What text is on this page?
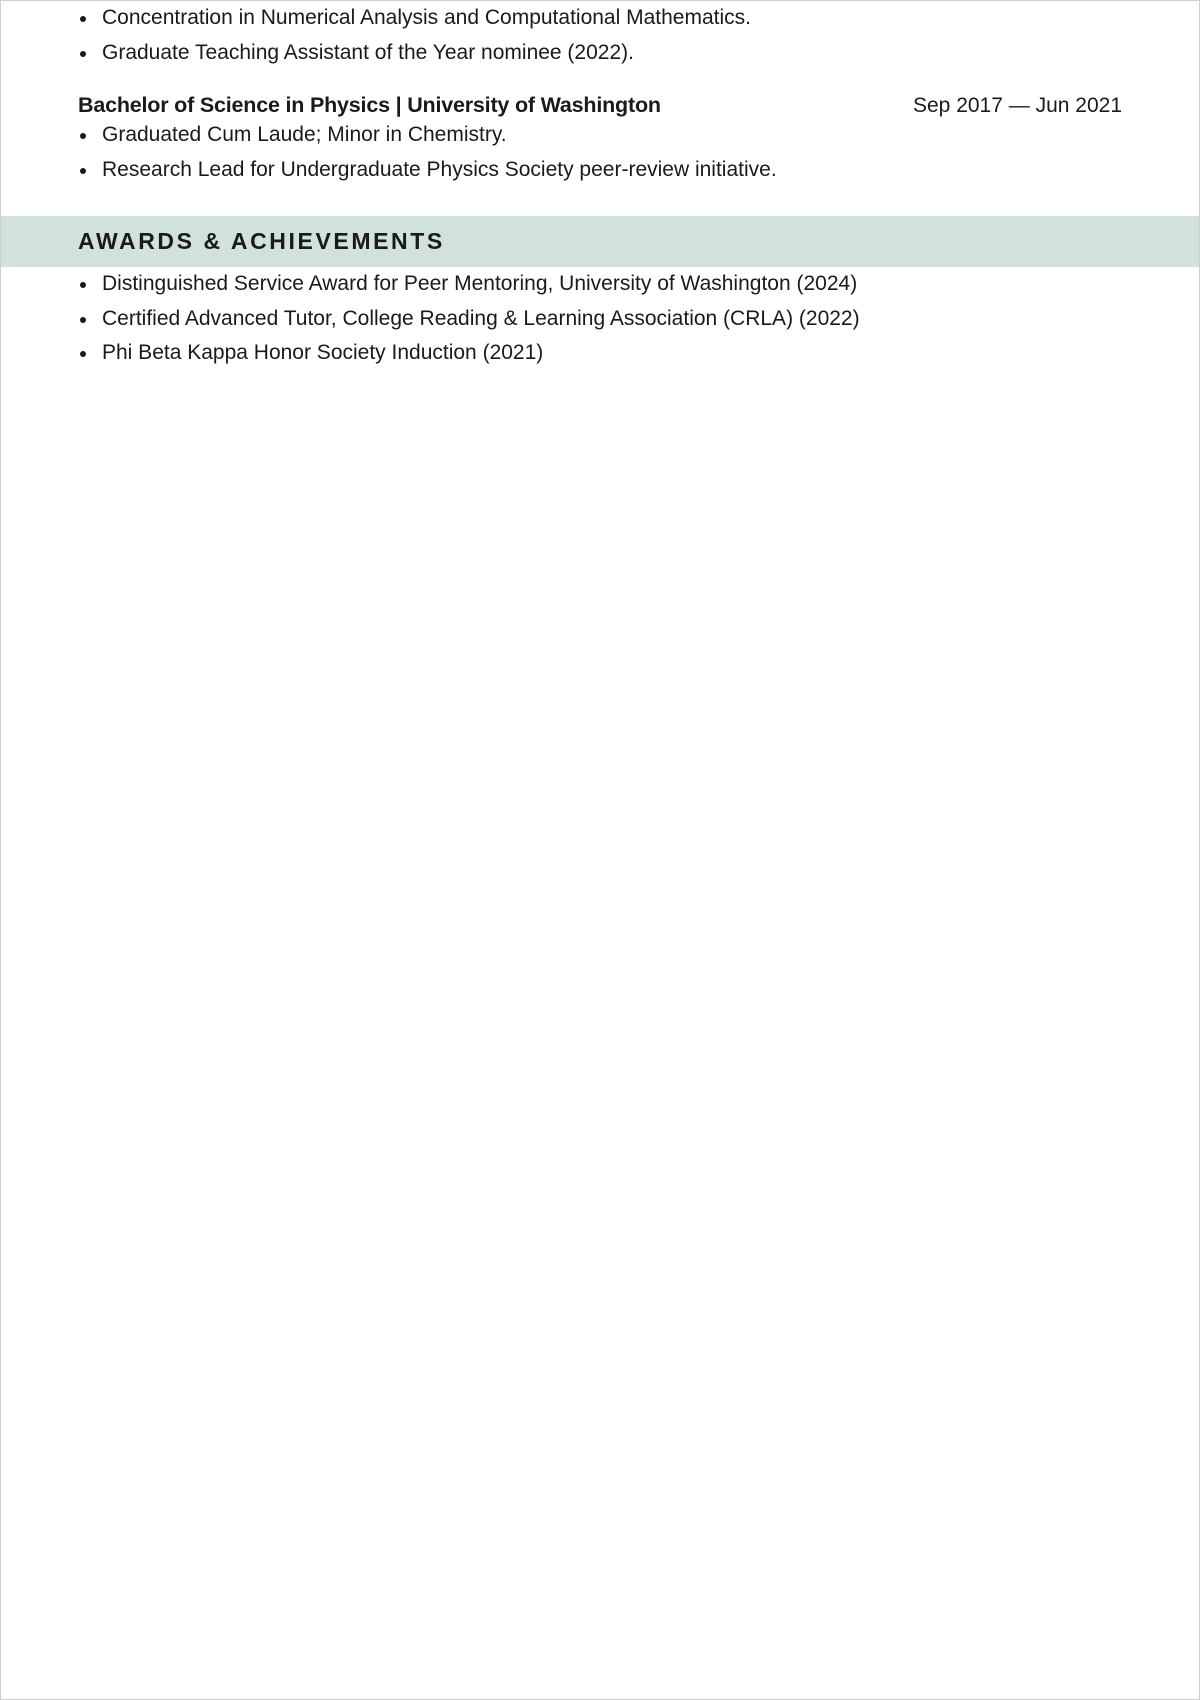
Concentration in Numerical Analysis and Computational Mathematics.
Graduate Teaching Assistant of the Year nominee (2022).
Bachelor of Science in Physics | University of Washington	Sep 2017 — Jun 2021
Graduated Cum Laude; Minor in Chemistry.
Research Lead for Undergraduate Physics Society peer-review initiative.
AWARDS & ACHIEVEMENTS
Distinguished Service Award for Peer Mentoring, University of Washington (2024)
Certified Advanced Tutor, College Reading & Learning Association (CRLA) (2022)
Phi Beta Kappa Honor Society Induction (2021)
